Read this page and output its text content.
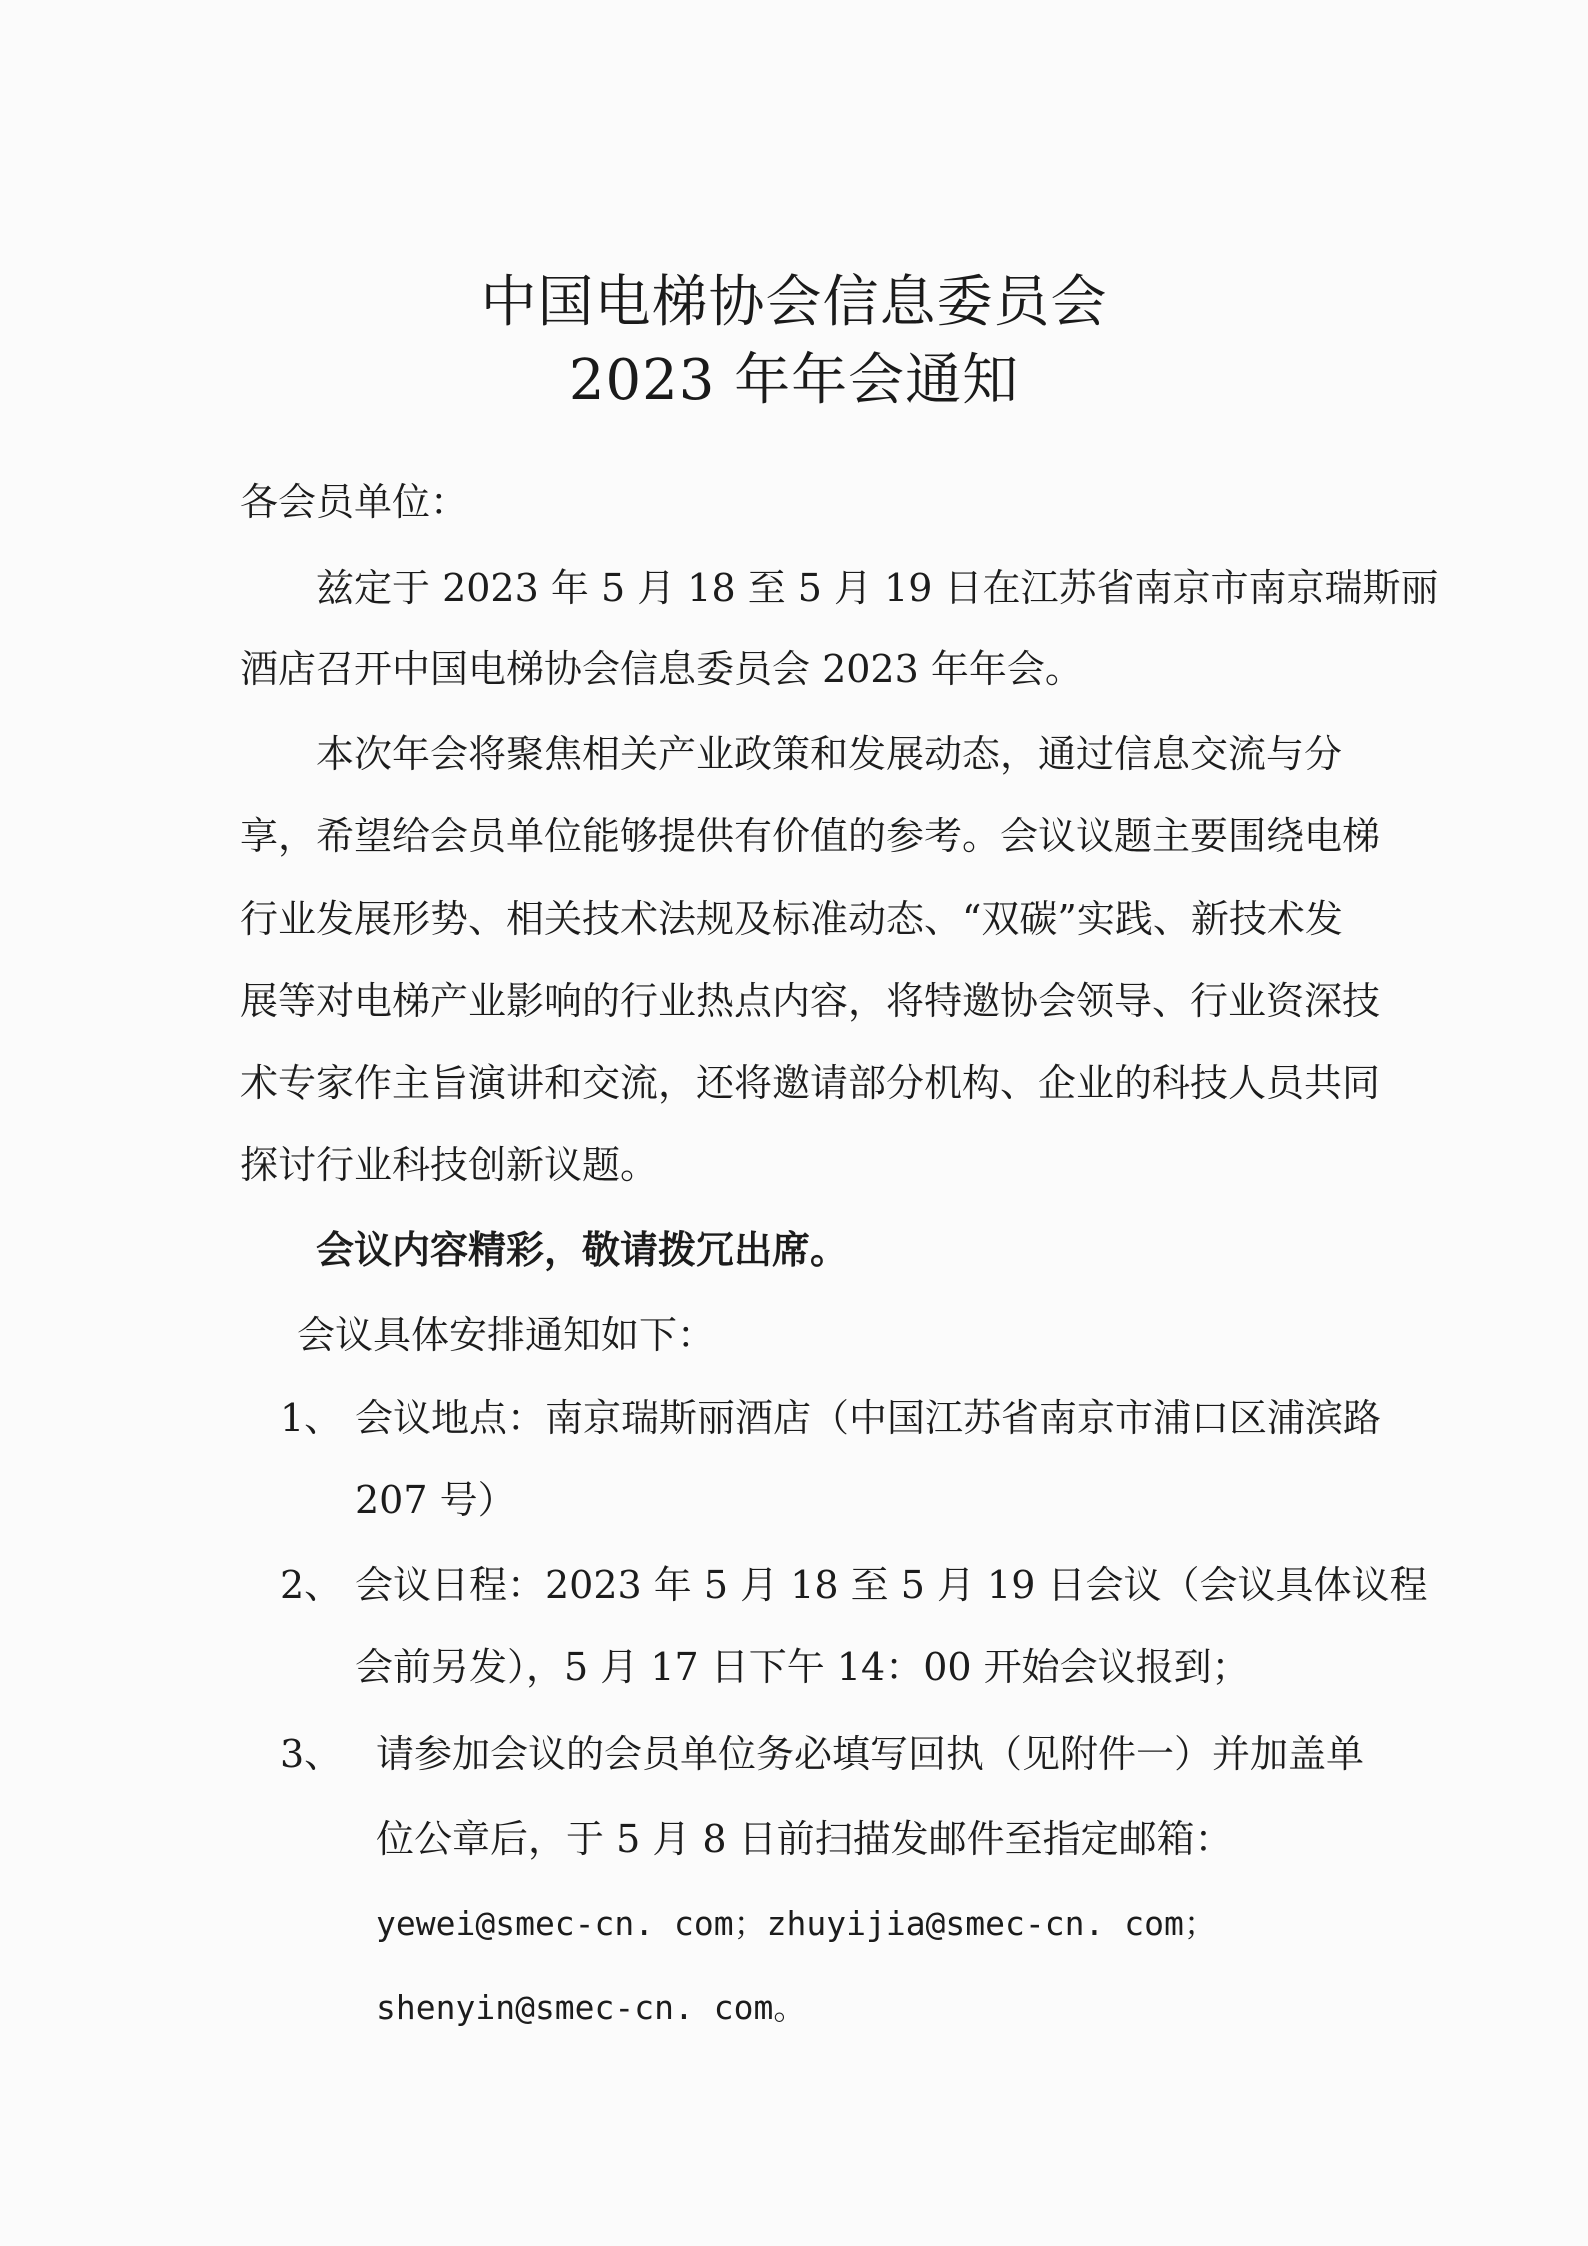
中国电梯协会信息委员会
2023 年年会通知
各会员单位：
兹定于 2023 年 5 月 18 至 5 月 19 日在江苏省南京市南京瑞斯丽
酒店召开中国电梯协会信息委员会 2023 年年会。
本次年会将聚焦相关产业政策和发展动态，通过信息交流与分
享，希望给会员单位能够提供有价值的参考。会议议题主要围绕电梯
行业发展形势、相关技术法规及标准动态、“双碳”实践、新技术发
展等对电梯产业影响的行业热点内容，将特邀协会领导、行业资深技
术专家作主旨演讲和交流，还将邀请部分机构、企业的科技人员共同
探讨行业科技创新议题。
会议内容精彩，敬请拨冗出席。
会议具体安排通知如下：
1、 会议地点：南京瑞斯丽酒店（中国江苏省南京市浦口区浦滨路
207 号）
2、 会议日程：2023 年 5 月 18 至 5 月 19 日会议（会议具体议程
会前另发），5 月 17 日下午 14：00 开始会议报到；
3、 请参加会议的会员单位务必填写回执（见附件一）并加盖单
位公章后，于 5 月 8 日前扫描发邮件至指定邮箱：
yewei@smec-cn. com；zhuyijia@smec-cn. com；
shenyin@smec-cn. com。
